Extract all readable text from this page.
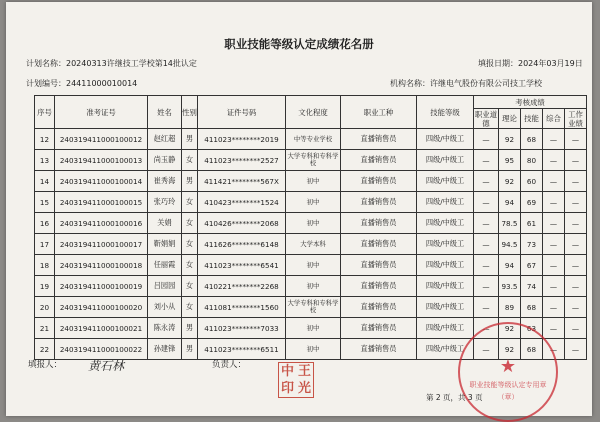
职业技能等级认定成绩花名册
计划名称：20240313许继技工学校第14批认定	填报日期：2024年03月19日
计划编号：24411000010014	机构名称：许继电气股份有限公司技工学校
序号	准考证号	姓名	性别	证件号码	文化程度	职业工种	技能等级	考核成绩				
								职业道德	理论	技能	综合	工作业绩
12	240319411000100012	赵红超	男	411023********2019	中等专业学校	直播销售员	四级/中级工	—	92	68	—	—
13	240319411000100013	尚玉静	女	411023********2527	大学专科和专科学校	直播销售员	四级/中级工	—	95	80	—	—
14	240319411000100014	崔秀海	男	411421********567X	初中	直播销售员	四级/中级工	—	92	60	—	—
15	240319411000100015	张巧玲	女	410423********1524	初中	直播销售员	四级/中级工	—	94	69	—	—
16	240319411000100016	关娟	女	410426********2068	初中	直播销售员	四级/中级工	—	78.5	61	—	—
17	240319411000100017	靳娟娟	女	411626********6148	大学本科	直播销售员	四级/中级工	—	94.5	73	—	—
18	240319411000100018	任丽霞	女	411023********6541	初中	直播销售员	四级/中级工	—	94	67	—	—
19	240319411000100019	吕园园	女	410221********2268	初中	直播销售员	四级/中级工	—	93.5	74	—	—
20	240319411000100020	刘小从	女	411081********1560	大学专科和专科学校	直播销售员	四级/中级工	—	89	68	—	—
21	240319411000100021	陈永涛	男	411023********7033	初中	直播销售员	四级/中级工	—	92	63	—	—
22	240319411000100022	孙建锋	男	411023********6511	初中	直播销售员	四级/中级工	—	92	68	—	—
填报人： 黄石林	负责人：	中 王
印 光
★
职业技能等级认定专用章
（章）
第 2 页，共 3 页
